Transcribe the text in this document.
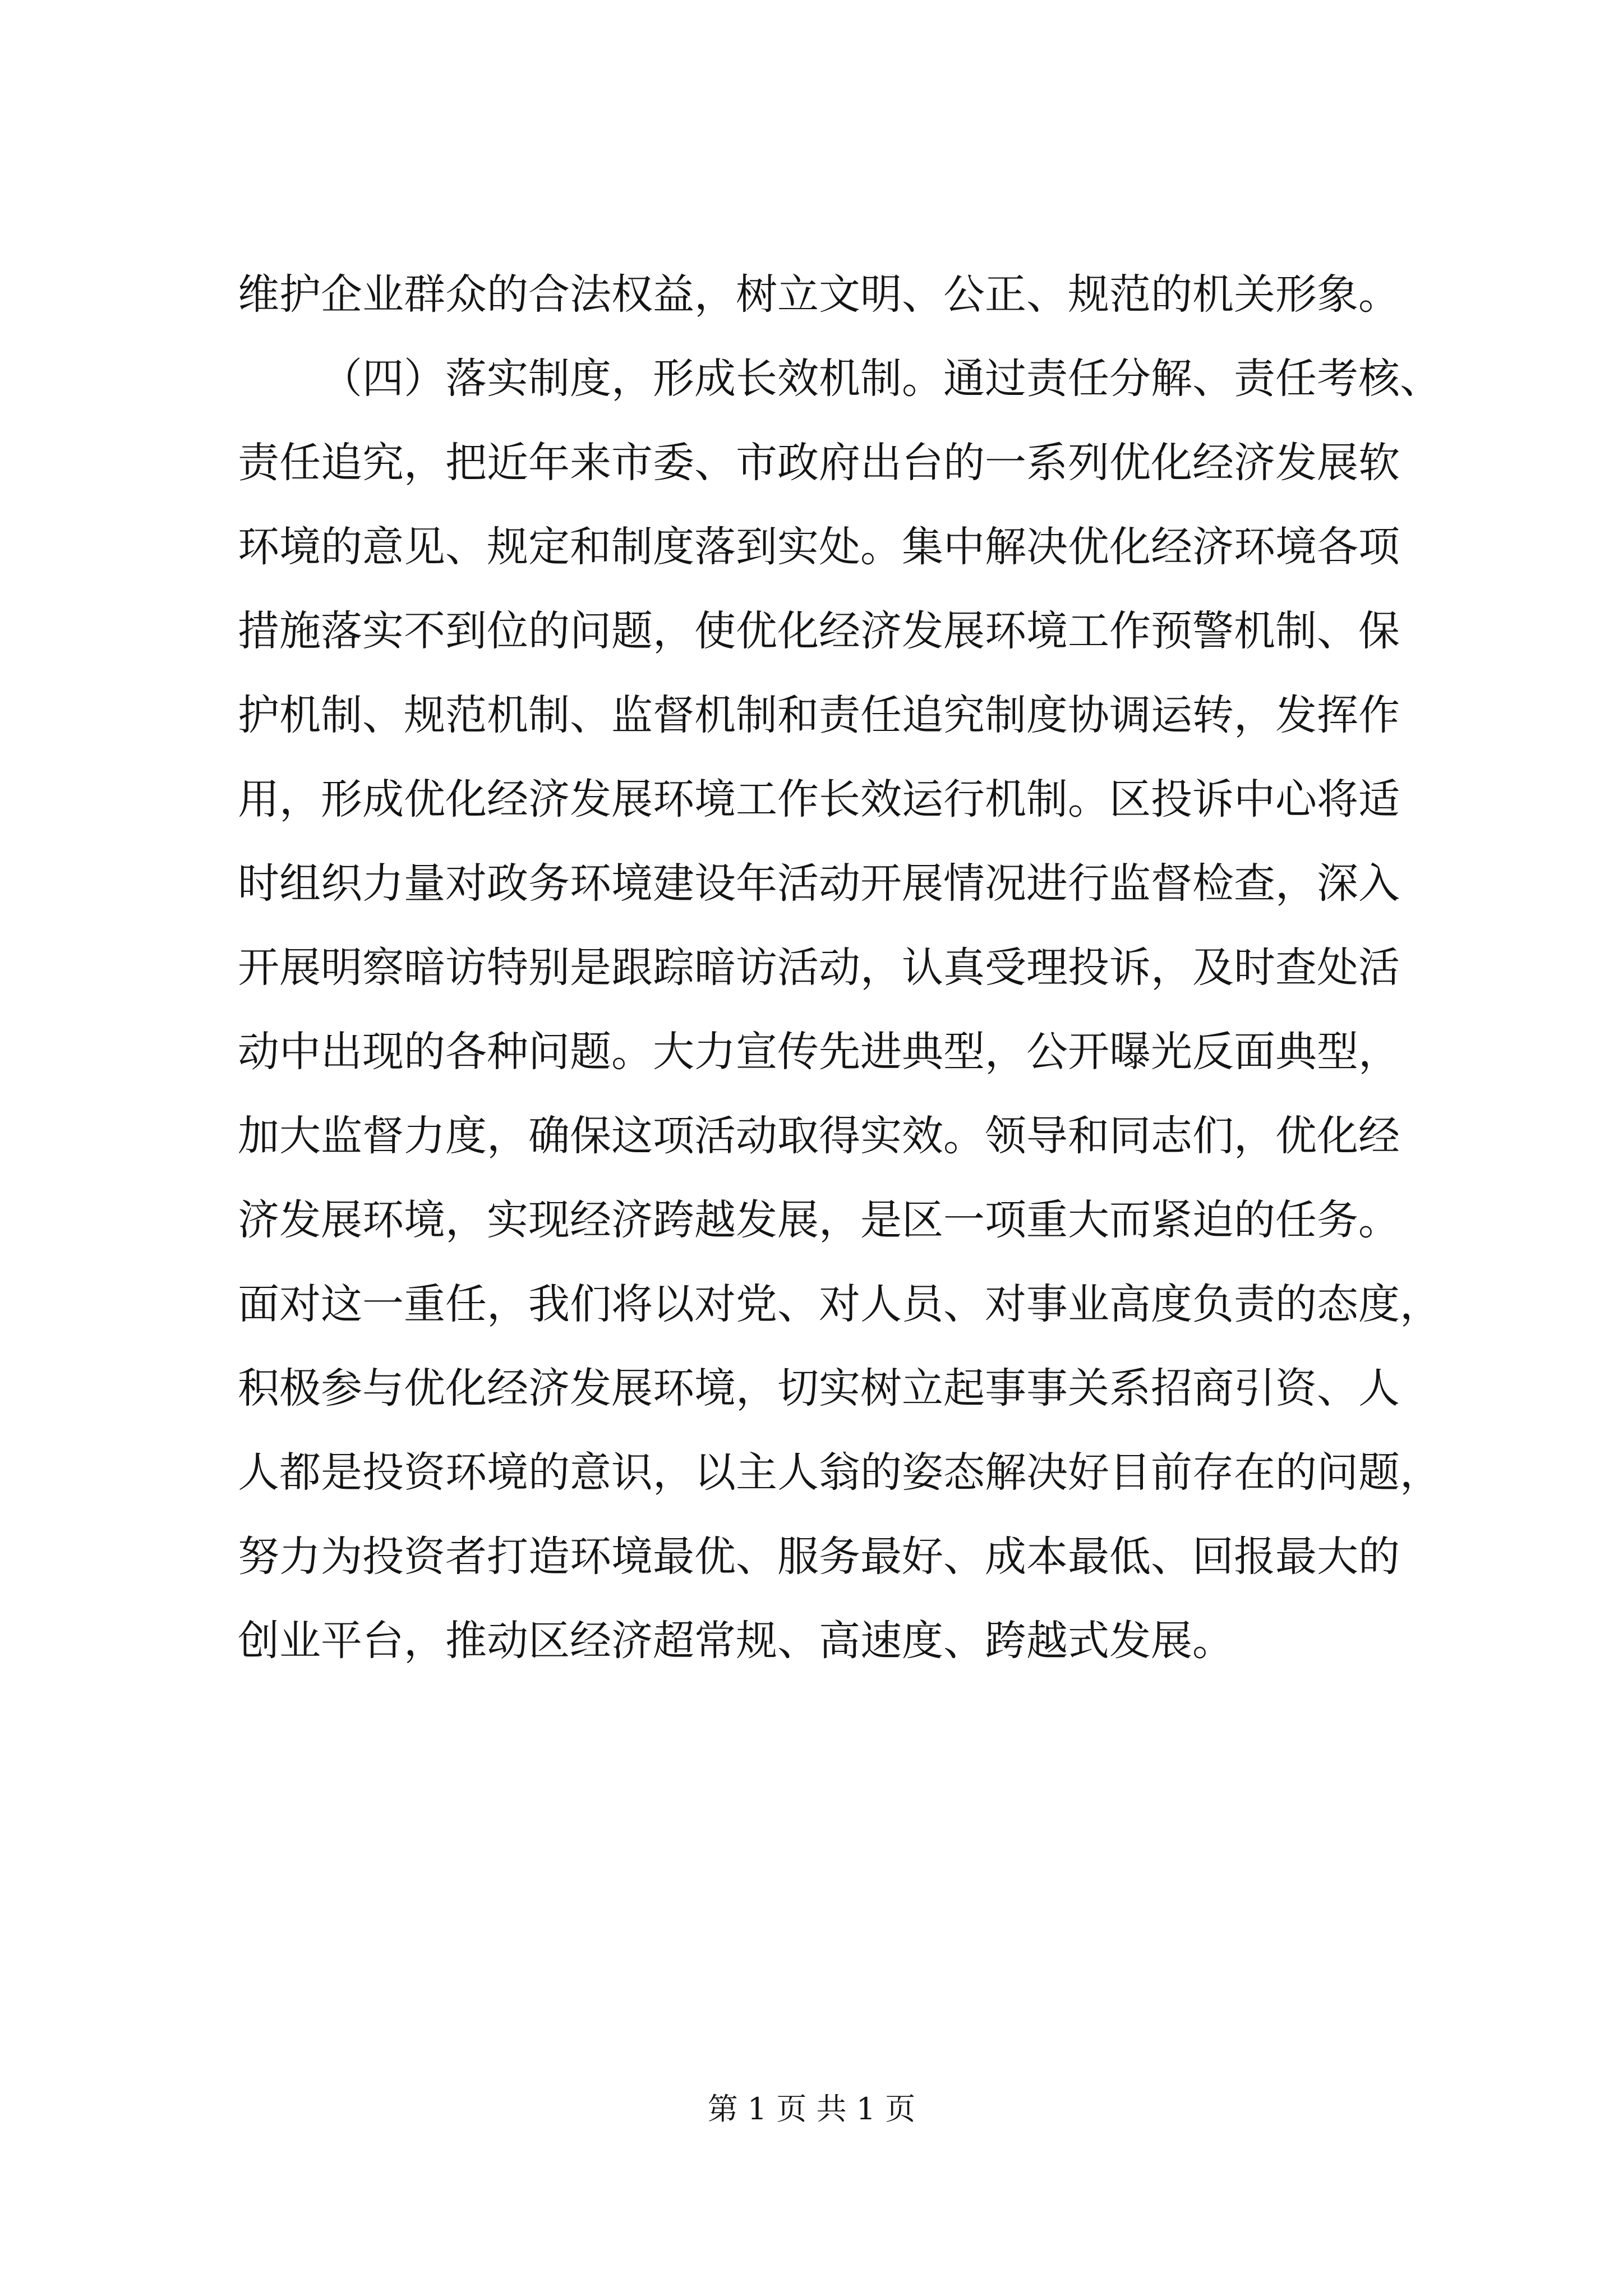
维护企业群众的合法权益，树立文明、公正、规范的机关形象。
（四）落实制度，形成长效机制。通过责任分解、责任考核、
责任追究，把近年来市委、市政府出台的一系列优化经济发展软
环境的意见、规定和制度落到实处。集中解决优化经济环境各项
措施落实不到位的问题，使优化经济发展环境工作预警机制、保
护机制、规范机制、监督机制和责任追究制度协调运转，发挥作
用，形成优化经济发展环境工作长效运行机制。区投诉中心将适
时组织力量对政务环境建设年活动开展情况进行监督检查，深入
开展明察暗访特别是跟踪暗访活动，认真受理投诉，及时查处活
动中出现的各种问题。大力宣传先进典型，公开曝光反面典型，
加大监督力度，确保这项活动取得实效。领导和同志们，优化经
济发展环境，实现经济跨越发展，是区一项重大而紧迫的任务。
面对这一重任，我们将以对党、对人员、对事业高度负责的态度，
积极参与优化经济发展环境，切实树立起事事关系招商引资、人
人都是投资环境的意识，以主人翁的姿态解决好目前存在的问题，
努力为投资者打造环境最优、服务最好、成本最低、回报最大的
创业平台，推动区经济超常规、高速度、跨越式发展。
第 1 页 共 1 页
